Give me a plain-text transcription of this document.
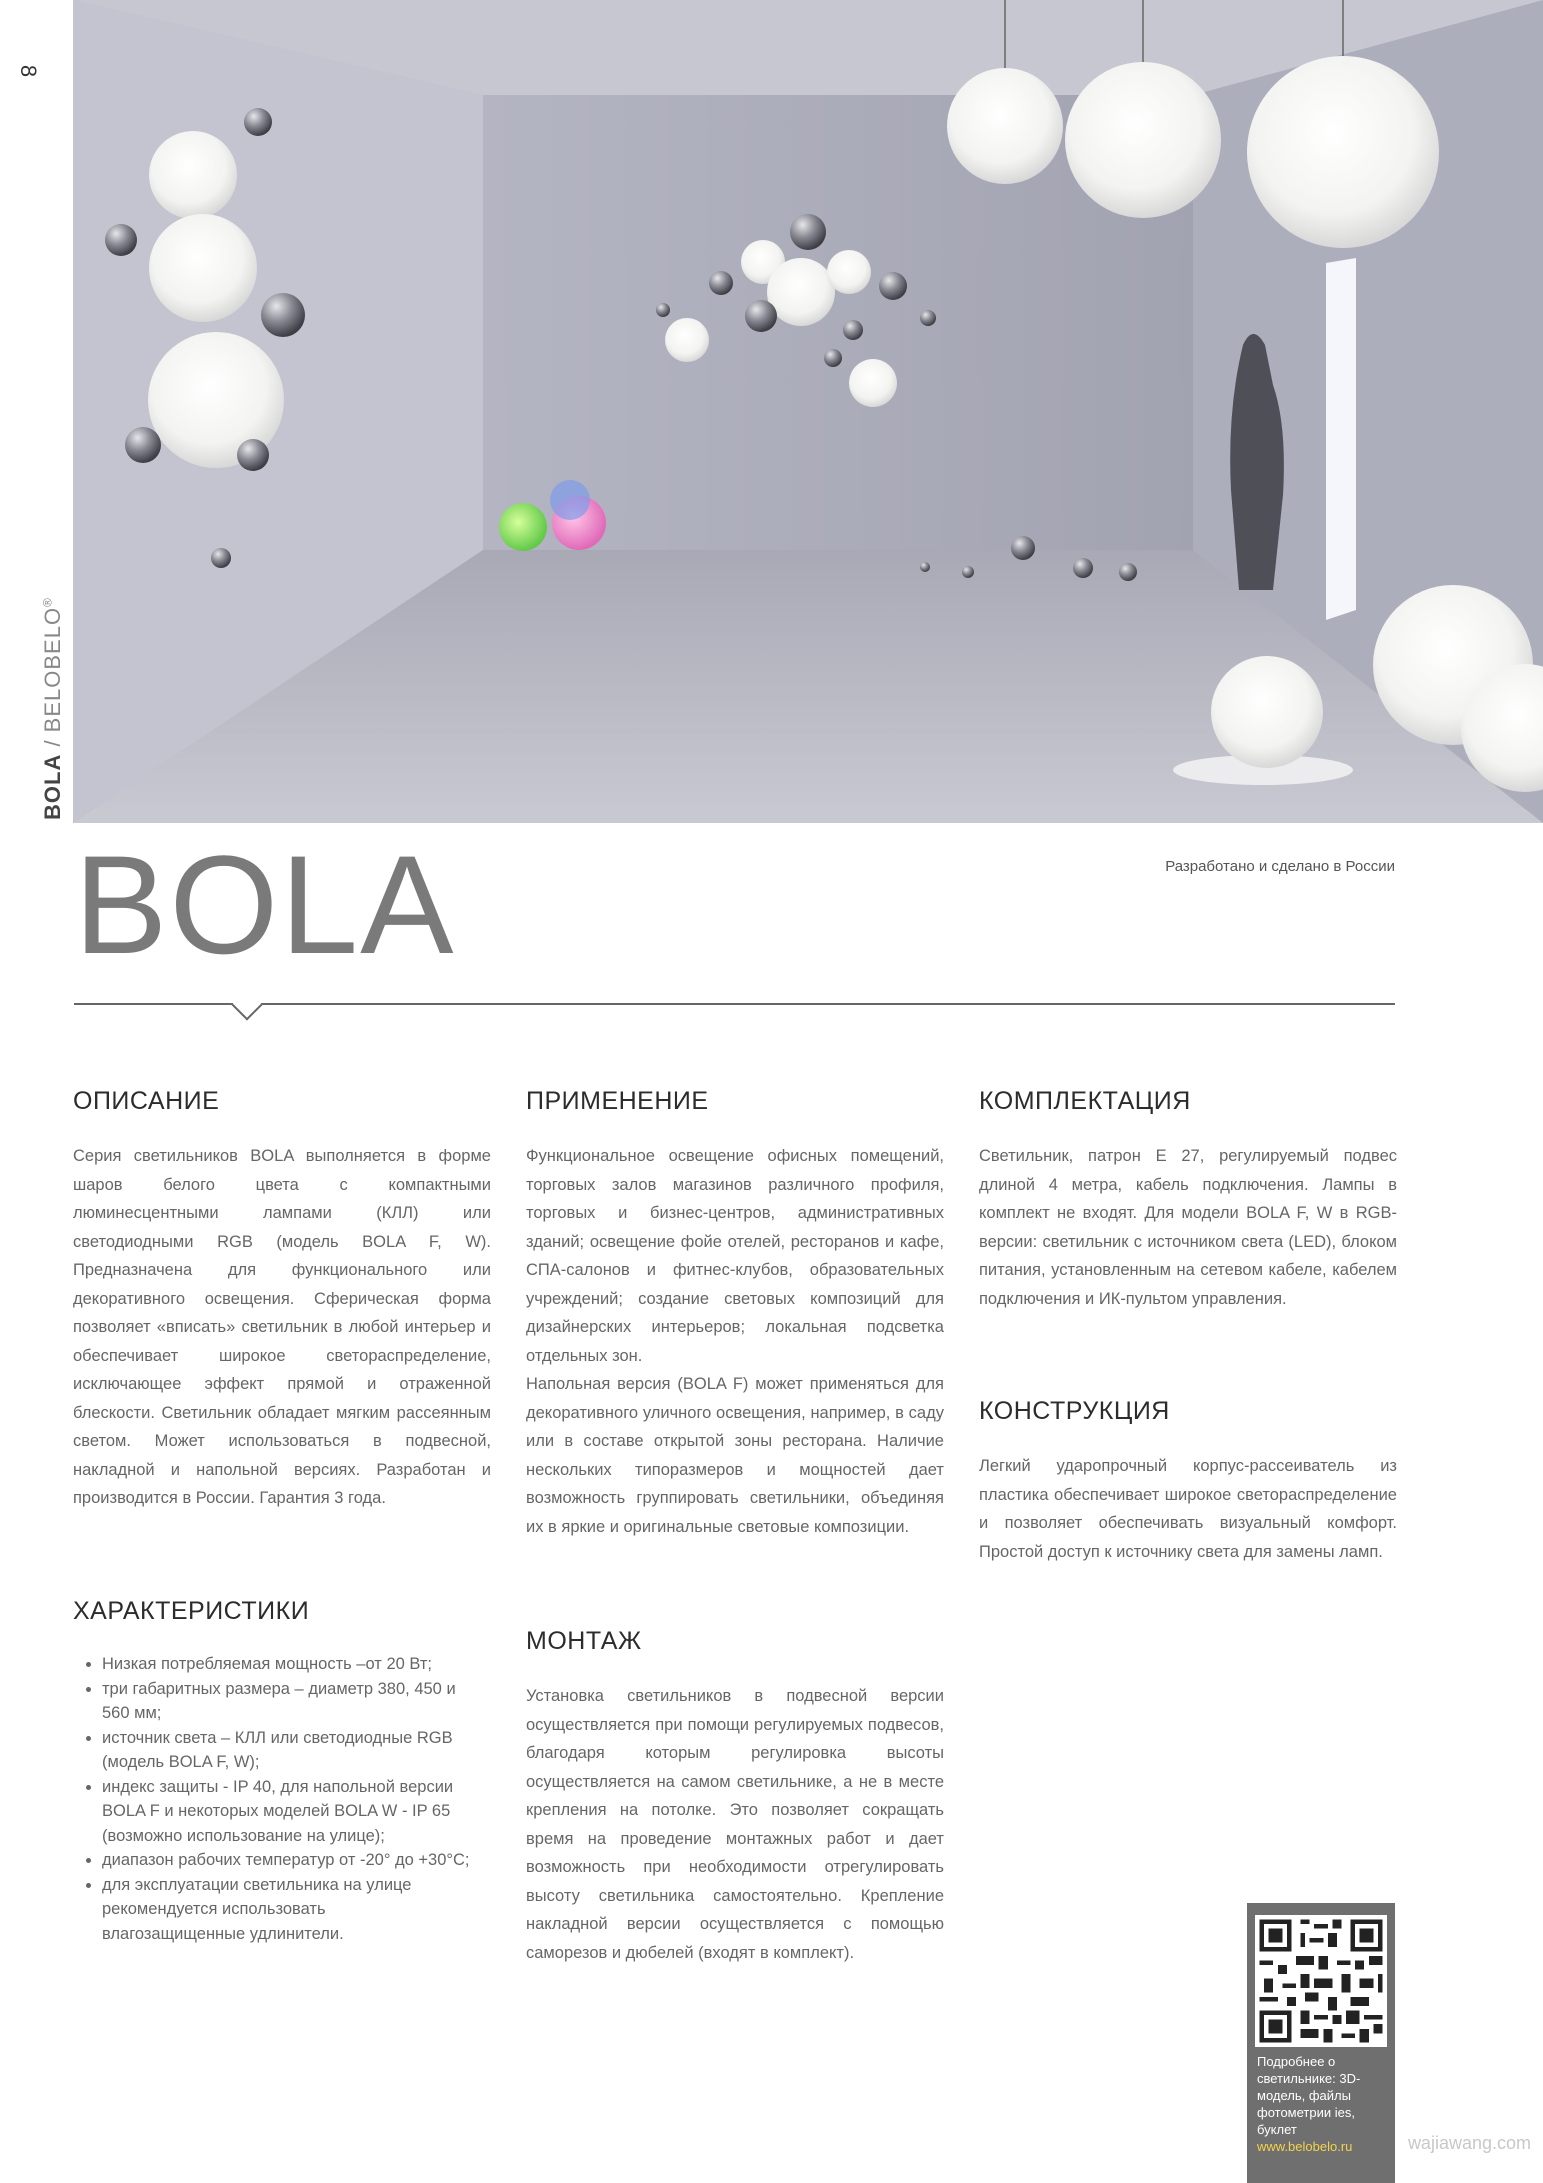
8
BOLA / BELOBELO®
BOLA	Разработано и сделано в России
ОПИСАНИЕ

Серия светильников BOLA выполняется в форме шаров белого цвета с компактными люминесцентными лампами (КЛЛ) или светодиодными RGB (модель BOLA F, W). Предназначена для функционального или декоративного освещения. Сферическая форма позволяет «вписать» светильник в любой интерьер и обеспечивает широкое светораспределение, исключающее эффект прямой и отраженной блескости. Светильник обладает мягким рассеянным светом. Может использоваться в подвесной, накладной и напольной версиях. Разработан и производится в России. Гарантия 3 года.

ХАРАКТЕРИСТИКИ
• Низкая потребляемая мощность –от 20 Вт;
• три габаритных размера – диаметр 380, 450 и 560 мм;
• источник света – КЛЛ или светодиодные RGB (модель BOLA F, W);
• индекс защиты - IP 40, для напольной версии BOLA F и некоторых моделей BOLA W - IP 65 (возможно использование на улице);
• диапазон рабочих температур от -20° до +30°С;
• для эксплуатации светильника на улице рекомендуется использовать влагозащищенные удлинители.
ПРИМЕНЕНИЕ

Функциональное освещение офисных помещений, торговых залов магазинов различного профиля, торговых и бизнес-центров, административных зданий; освещение фойе отелей, ресторанов и кафе, СПА-салонов и фитнес-клубов, образовательных учреждений; создание световых композиций для дизайнерских интерьеров; локальная подсветка отдельных зон.

Напольная версия (BOLA F) может применяться для декоративного уличного освещения, например, в саду или в составе открытой зоны ресторана. Наличие нескольких типоразмеров и мощностей дает возможность группировать светильники, объединяя их в яркие и оригинальные световые композиции.

МОНТАЖ

Установка светильников в подвесной версии осуществляется при помощи регулируемых подвесов, благодаря которым регулировка высоты осуществляется на самом светильнике, а не в месте крепления на потолке. Это позволяет сокращать время на проведение монтажных работ и дает возможность при необходимости отрегулировать высоту светильника самостоятельно. Крепление накладной версии осуществляется с помощью саморезов и дюбелей (входят в комплект).

КОМПЛЕКТАЦИЯ

Светильник, патрон Е 27, регулируемый подвес длиной 4 метра, кабель подключения. Лампы в комплект не входят. Для модели BOLA F, W в RGB-версии: светильник с источником света (LED), блоком питания, установленным на сетевом кабеле, кабелем подключения и ИК-пультом управления.

КОНСТРУКЦИЯ

Легкий ударопрочный корпус-рассеиватель из пластика обеспечивает широкое светораспределение и позволяет обеспечивать визуальный комфорт. Простой доступ к источнику света для замены ламп.

Подробнее о светильнике: 3D-модель, файлы фотометрии ies, буклет www.belobelo.ru	wajiawang.com
